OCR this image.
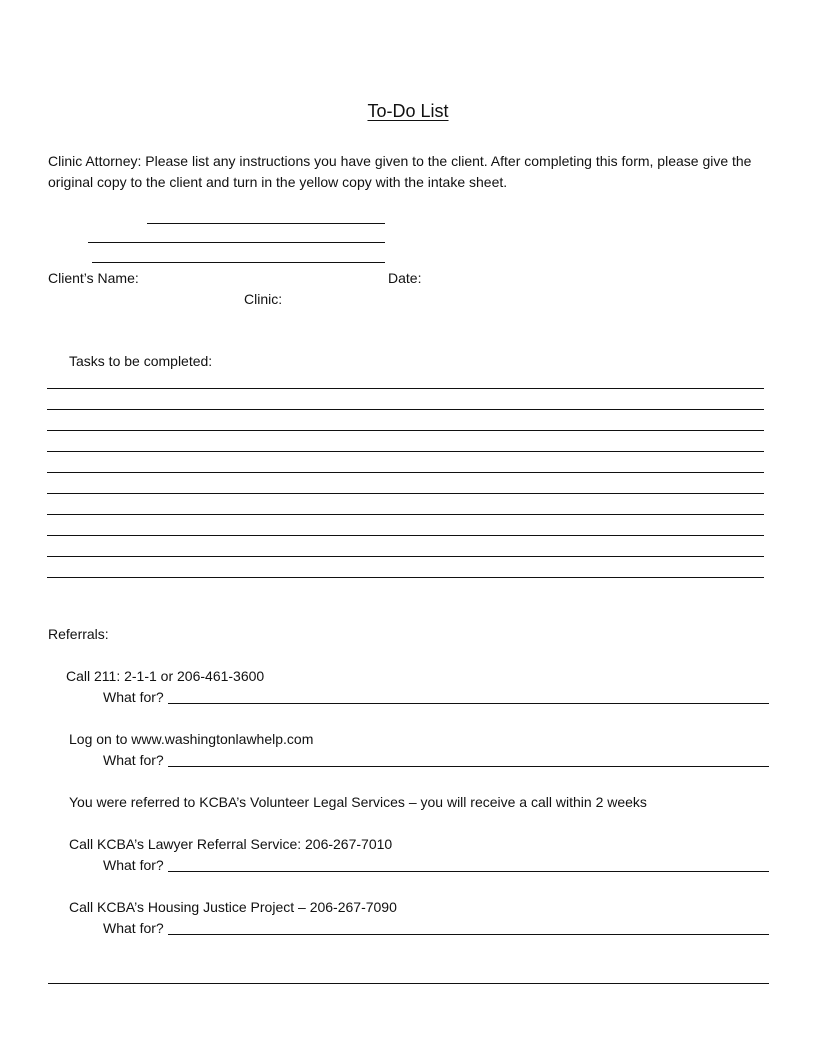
To-Do List
Clinic Attorney: Please list any instructions you have given to the client. After completing this form, please give the original copy to the client and turn in the yellow copy with the intake sheet.
Client’s Name:	Date:
Clinic:
Tasks to be completed:
Referrals:
Call 211: 2-1-1 or 206-461-3600
What for?
Log on to www.washingtonlawhelp.com
What for?
You were referred to KCBA’s Volunteer Legal Services – you will receive a call within 2 weeks
Call KCBA’s Lawyer Referral Service: 206-267-7010
What for?
Call KCBA’s Housing Justice Project – 206-267-7090
What for?
